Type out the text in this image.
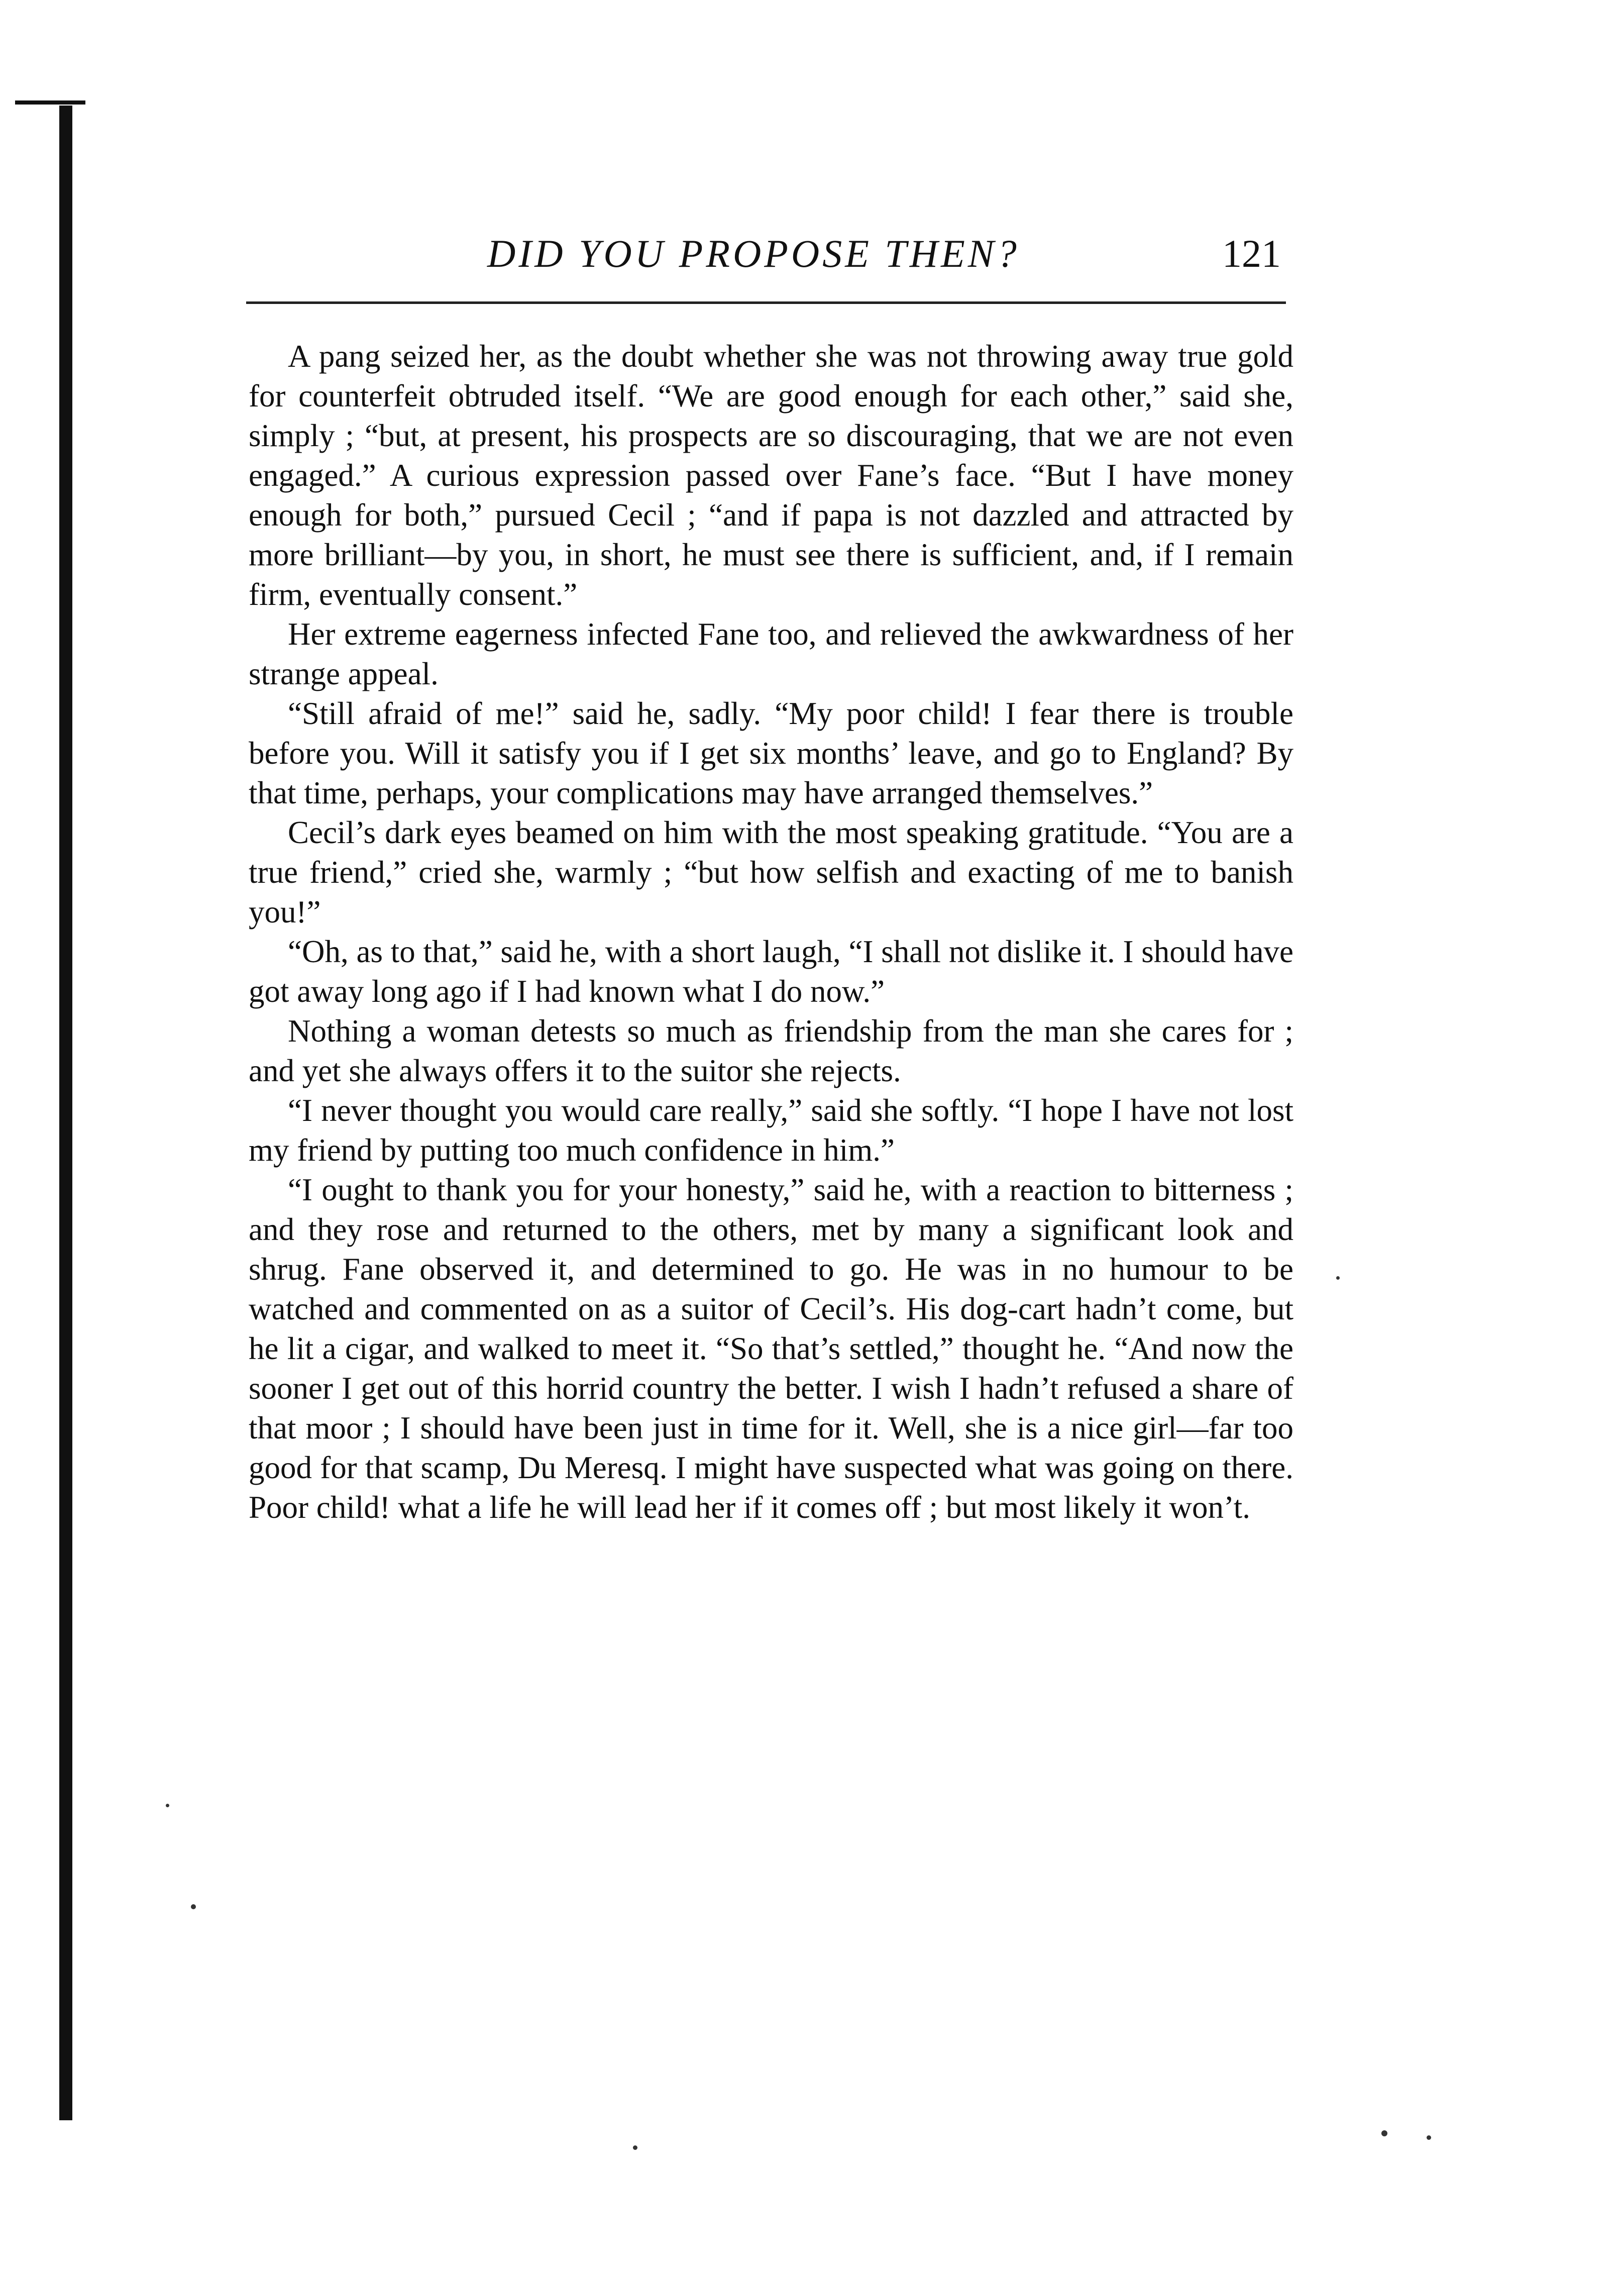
DID YOU PROPOSE THEN?	121

A pang seized her, as the doubt whether she was not throwing away true gold for counterfeit obtruded itself. “We are good enough for each other,” said she, simply ; “but, at present, his prospects are so discouraging, that we are not even engaged.” A curious expression passed over Fane’s face. “But I have money enough for both,” pursued Cecil ; “and if papa is not dazzled and attracted by more brilliant—by you, in short, he must see there is sufficient, and, if I remain firm, eventually consent.”

Her extreme eagerness infected Fane too, and relieved the awkwardness of her strange appeal.

“Still afraid of me!” said he, sadly. “My poor child! I fear there is trouble before you. Will it satisfy you if I get six months’ leave, and go to England? By that time, perhaps, your complications may have arranged themselves.”

Cecil’s dark eyes beamed on him with the most speaking gratitude. “You are a true friend,” cried she, warmly ; “but how selfish and exacting of me to banish you!”

“Oh, as to that,” said he, with a short laugh, “I shall not dislike it. I should have got away long ago if I had known what I do now.”

Nothing a woman detests so much as friendship from the man she cares for ; and yet she always offers it to the suitor she rejects.

“I never thought you would care really,” said she softly. “I hope I have not lost my friend by putting too much confidence in him.”

“I ought to thank you for your honesty,” said he, with a reaction to bitterness ; and they rose and returned to the others, met by many a significant look and shrug. Fane observed it, and determined to go. He was in no humour to be watched and commented on as a suitor of Cecil’s. His dog-cart hadn’t come, but he lit a cigar, and walked to meet it. “So that’s settled,” thought he. “And now the sooner I get out of this horrid country the better. I wish I hadn’t refused a share of that moor ; I should have been just in time for it. Well, she is a nice girl—far too good for that scamp, Du Meresq. I might have suspected what was going on there. Poor child! what a life he will lead her if it comes off ; but most likely it won’t.
